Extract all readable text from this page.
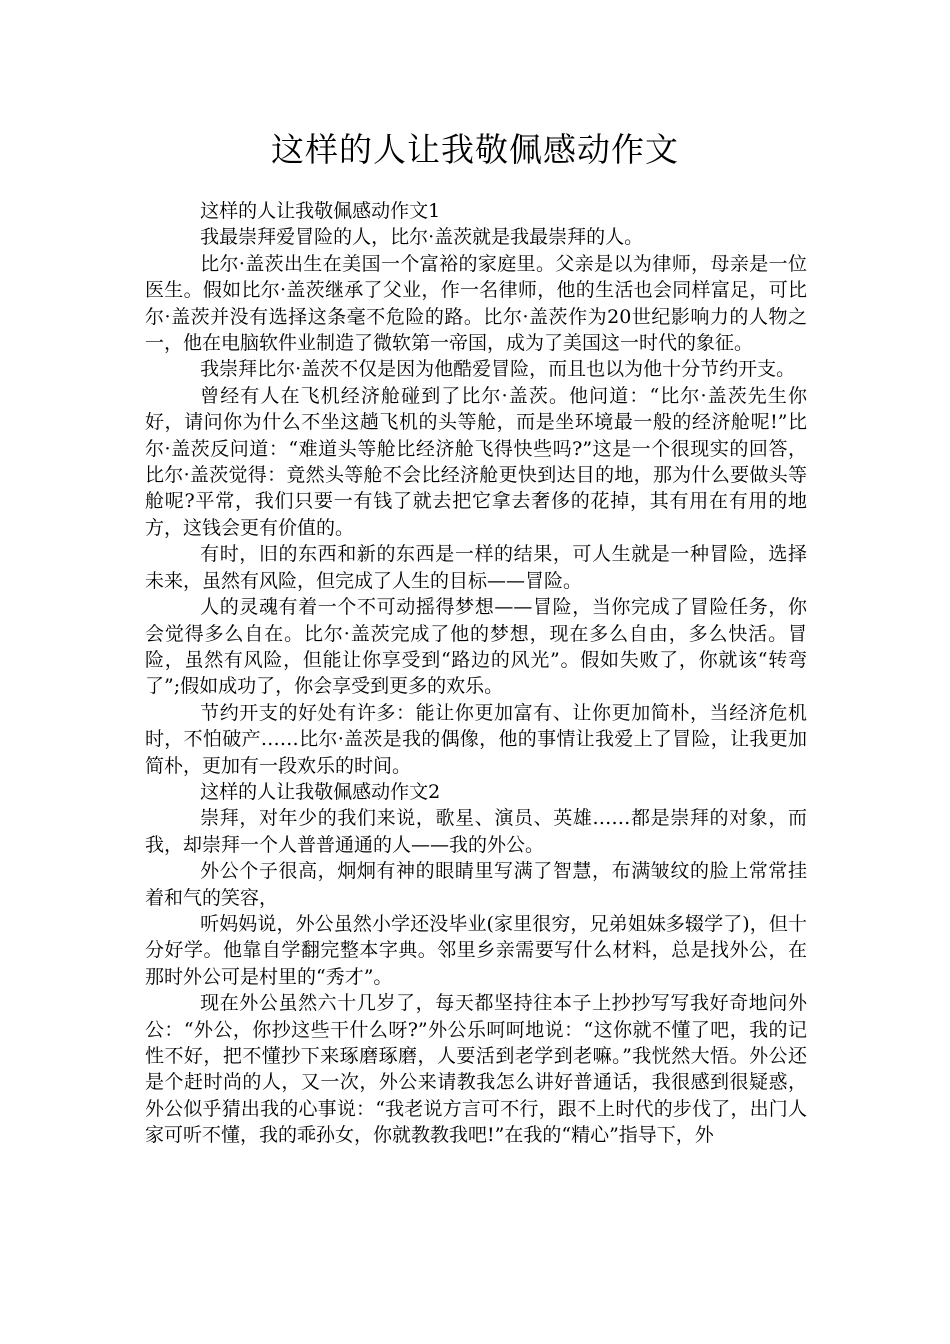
这样的人让我敬佩感动作文

这样的人让我敬佩感动作文1

我最崇拜爱冒险的人，比尔·盖茨就是我最崇拜的人。

比尔·盖茨出生在美国一个富裕的家庭里。父亲是以为律师，母亲是一位医生。假如比尔·盖茨继承了父业，作一名律师，他的生活也会同样富足，可比尔·盖茨并没有选择这条毫不危险的路。比尔·盖茨作为20世纪影响力的人物之一，他在电脑软件业制造了微软第一帝国，成为了美国这一时代的象征。

我崇拜比尔·盖茨不仅是因为他酷爱冒险，而且也以为他十分节约开支。

曾经有人在飞机经济舱碰到了比尔·盖茨。他问道：“比尔·盖茨先生你好，请问你为什么不坐这趟飞机的头等舱，而是坐环境最一般的经济舱呢!”比尔·盖茨反问道：“难道头等舱比经济舱飞得快些吗?”这是一个很现实的回答，比尔·盖茨觉得：竟然头等舱不会比经济舱更快到达目的地，那为什么要做头等舱呢?平常，我们只要一有钱了就去把它拿去奢侈的花掉，其有用在有用的地方，这钱会更有价值的。

有时，旧的东西和新的东西是一样的结果，可人生就是一种冒险，选择未来，虽然有风险，但完成了人生的目标——冒险。

人的灵魂有着一个不可动摇得梦想——冒险，当你完成了冒险任务，你会觉得多么自在。比尔·盖茨完成了他的梦想，现在多么自由，多么快活。冒险，虽然有风险，但能让你享受到“路边的风光”。假如失败了，你就该“转弯了”;假如成功了，你会享受到更多的欢乐。

节约开支的好处有许多：能让你更加富有、让你更加简朴，当经济危机时，不怕破产……比尔·盖茨是我的偶像，他的事情让我爱上了冒险，让我更加简朴，更加有一段欢乐的时间。

这样的人让我敬佩感动作文2

崇拜，对年少的我们来说，歌星、演员、英雄……都是崇拜的对象，而我，却崇拜一个人普普通通的人——我的外公。

外公个子很高，炯炯有神的眼睛里写满了智慧，布满皱纹的脸上常常挂着和气的笑容，

听妈妈说，外公虽然小学还没毕业(家里很穷，兄弟姐妹多辍学了)，但十分好学。他靠自学翻完整本字典。邻里乡亲需要写什么材料，总是找外公，在那时外公可是村里的“秀才”。

现在外公虽然六十几岁了，每天都坚持往本子上抄抄写写我好奇地问外公：“外公，你抄这些干什么呀?”外公乐呵呵地说：“这你就不懂了吧，我的记性不好，把不懂抄下来琢磨琢磨，人要活到老学到老嘛。”我恍然大悟。外公还是个赶时尚的人，又一次，外公来请教我怎么讲好普通话，我很感到很疑惑，外公似乎猜出我的心事说：“我老说方言可不行，跟不上时代的步伐了，出门人家可听不懂，我的乖孙女，你就教教我吧!”在我的“精心”指导下，外
